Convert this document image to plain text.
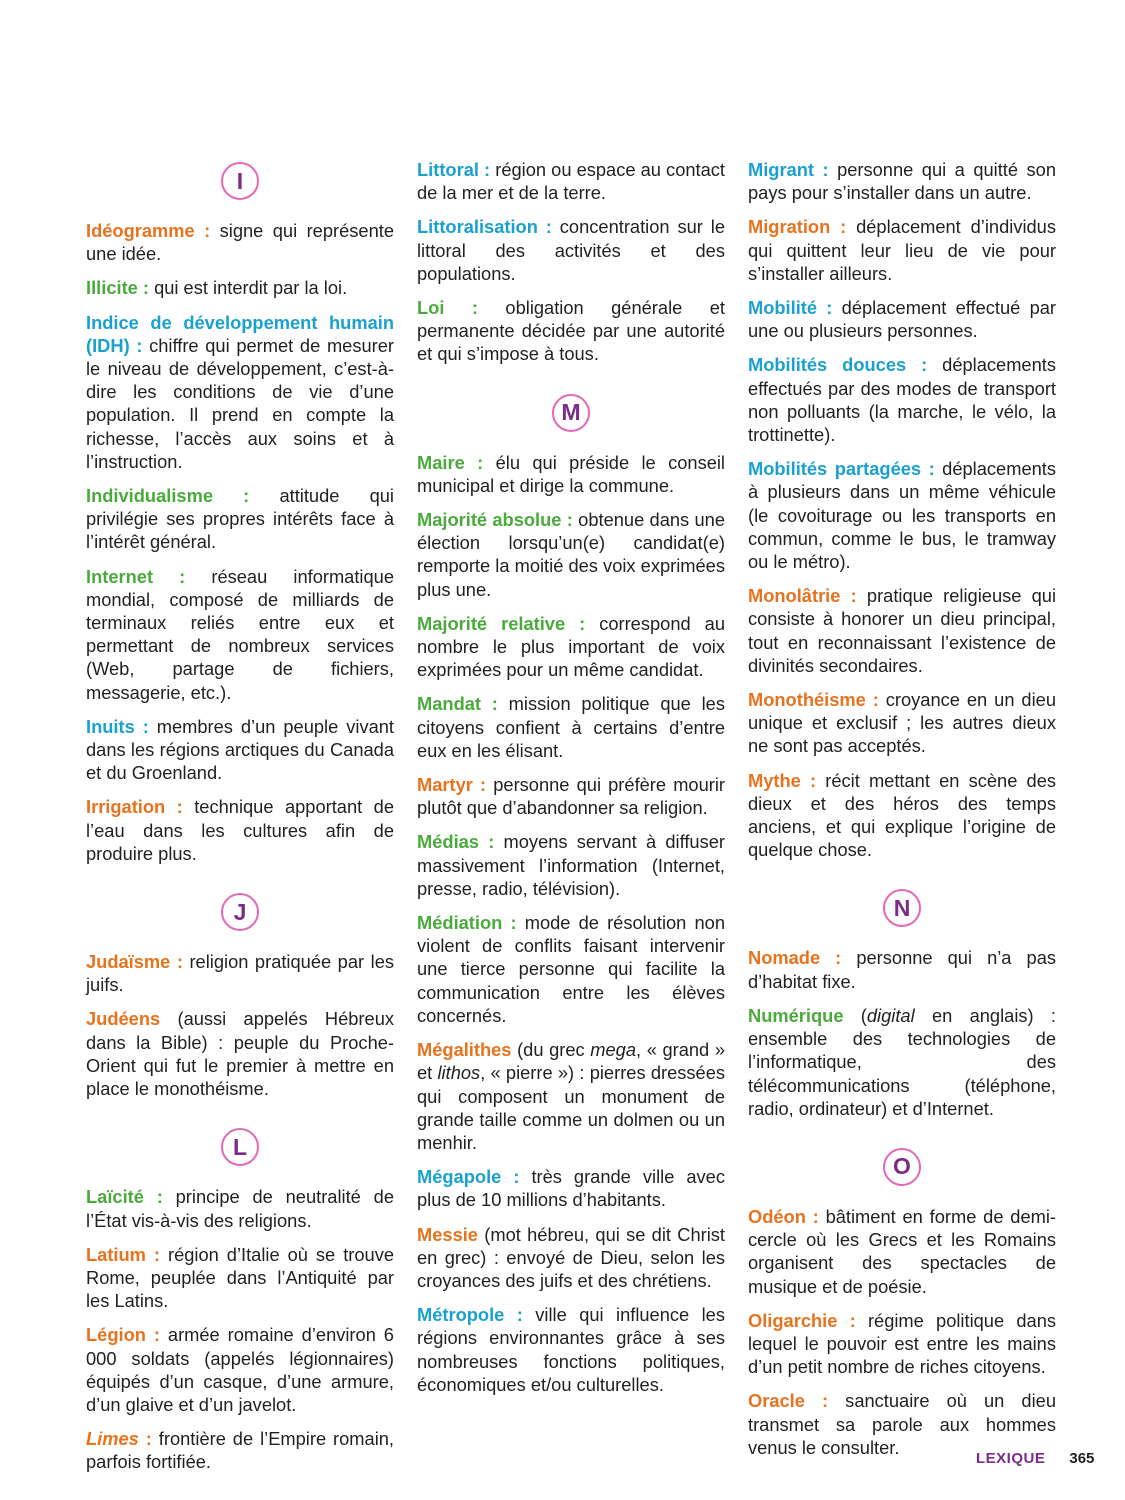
I

Idéogramme : signe qui représente une idée.

Illicite : qui est interdit par la loi.

Indice de développement humain (IDH) : chiffre qui permet de mesurer le niveau de développement, c’est-à-dire les conditions de vie d’une population. Il prend en compte la richesse, l’accès aux soins et à l’instruction.

Individualisme : attitude qui privilégie ses propres intérêts face à l’intérêt général.

Internet : réseau informatique mondial, composé de milliards de terminaux reliés entre eux et permettant de nombreux services (Web, partage de fichiers, messagerie, etc.).

Inuits : membres d’un peuple vivant dans les régions arctiques du Canada et du Groenland.

Irrigation : technique apportant de l’eau dans les cultures afin de produire plus.

J

Judaïsme : religion pratiquée par les juifs.

Judéens (aussi appelés Hébreux dans la Bible) : peuple du Proche-Orient qui fut le premier à mettre en place le monothéisme.

L

Laïcité : principe de neutralité de l’État vis-à-vis des religions.

Latium : région d’Italie où se trouve Rome, peuplée dans l’Antiquité par les Latins.

Légion : armée romaine d’environ 6 000 soldats (appelés légionnaires) équipés d’un casque, d’une armure, d’un glaive et d’un javelot.

Limes : frontière de l’Empire romain, parfois fortifiée.

Littoral : région ou espace au contact de la mer et de la terre.

Littoralisation : concentration sur le littoral des activités et des populations.

Loi : obligation générale et permanente décidée par une autorité et qui s’impose à tous.

M

Maire : élu qui préside le conseil municipal et dirige la commune.

Majorité absolue : obtenue dans une élection lorsqu’un(e) candidat(e) remporte la moitié des voix exprimées plus une.

Majorité relative : correspond au nombre le plus important de voix exprimées pour un même candidat.

Mandat : mission politique que les citoyens confient à certains d’entre eux en les élisant.

Martyr : personne qui préfère mourir plutôt que d’abandonner sa religion.

Médias : moyens servant à diffuser massivement l’information (Internet, presse, radio, télévision).

Médiation : mode de résolution non violent de conflits faisant intervenir une tierce personne qui facilite la communication entre les élèves concernés.

Mégalithes (du grec mega, « grand » et lithos, « pierre ») : pierres dressées qui composent un monument de grande taille comme un dolmen ou un menhir.

Mégapole : très grande ville avec plus de 10 millions d’habitants.

Messie (mot hébreu, qui se dit Christ en grec) : envoyé de Dieu, selon les croyances des juifs et des chrétiens.

Métropole : ville qui influence les régions environnantes grâce à ses nombreuses fonctions politiques, économiques et/ou culturelles.

Migrant : personne qui a quitté son pays pour s’installer dans un autre.

Migration : déplacement d’individus qui quittent leur lieu de vie pour s’installer ailleurs.

Mobilité : déplacement effectué par une ou plusieurs personnes.

Mobilités douces : déplacements effectués par des modes de transport non polluants (la marche, le vélo, la trottinette).

Mobilités partagées : déplacements à plusieurs dans un même véhicule (le covoiturage ou les transports en commun, comme le bus, le tramway ou le métro).

Monolâtrie : pratique religieuse qui consiste à honorer un dieu principal, tout en reconnaissant l’existence de divinités secondaires.

Monothéisme : croyance en un dieu unique et exclusif ; les autres dieux ne sont pas acceptés.

Mythe : récit mettant en scène des dieux et des héros des temps anciens, et qui explique l’origine de quelque chose.

N

Nomade : personne qui n’a pas d’habitat fixe.

Numérique (digital en anglais) : ensemble des technologies de l’informatique, des télécommunications (téléphone, radio, ordinateur) et d’Internet.

O

Odéon : bâtiment en forme de demi-cercle où les Grecs et les Romains organisent des spectacles de musique et de poésie.

Oligarchie : régime politique dans lequel le pouvoir est entre les mains d’un petit nombre de riches citoyens.

Oracle : sanctuaire où un dieu transmet sa parole aux hommes venus le consulter.

LEXIQUE 365
